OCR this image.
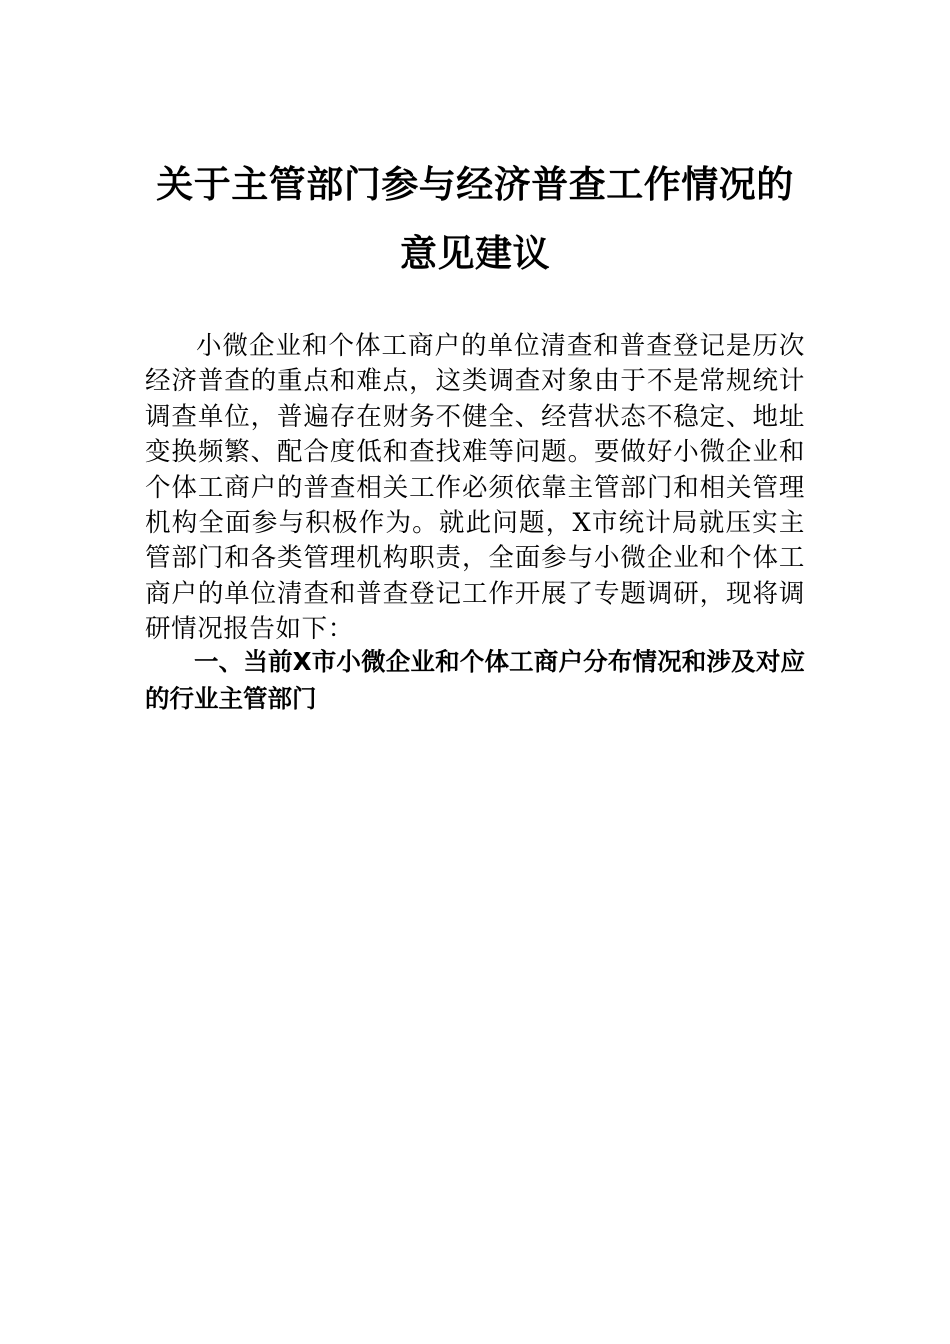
关于主管部门参与经济普查工作情况的意见建议

小微企业和个体工商户的单位清查和普查登记是历次经济普查的重点和难点，这类调查对象由于不是常规统计调查单位，普遍存在财务不健全、经营状态不稳定、地址变换频繁、配合度低和查找难等问题。要做好小微企业和个体工商户的普查相关工作必须依靠主管部门和相关管理机构全面参与积极作为。就此问题，X市统计局就压实主管部门和各类管理机构职责，全面参与小微企业和个体工商户的单位清查和普查登记工作开展了专题调研，现将调研情况报告如下：

一、当前X市小微企业和个体工商户分布情况和涉及对应的行业主管部门
